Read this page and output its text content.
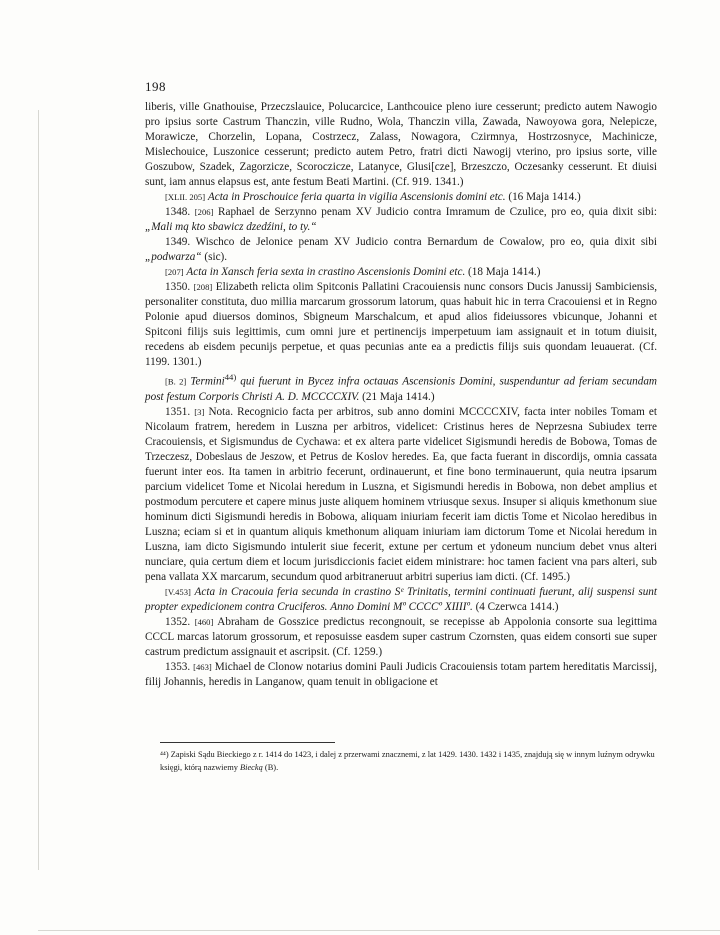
198

liberis, ville Gnathouise, Przeczslauice, Polucarcice, Lanthcouice pleno iure cesserunt; predicto autem Nawogio pro ipsius sorte Castrum Thanczin, ville Rudno, Wola, Thanczin villa, Zawada, Nawoyowa gora, Nelepicze, Morawicze, Chorzelin, Lopana, Costrzecz, Zalass, Nowagora, Czirmnya, Hostrzosnyce, Machinicze, Mislechouice, Luszonice cesserunt; predicto autem Petro, fratri dicti Nawogij vterino, pro ipsius sorte, ville Goszubow, Szadek, Zagorzicze, Scoroczicze, Latanyce, Glusi[cze], Brzeszczo, Oczesanky cesserunt. Et diuisi sunt, iam annus elapsus est, ante festum Beati Martini. (Cf. 919. 1341.)

[XLII. 205] Acta in Proschouice feria quarta in vigilia Ascensionis domini etc. (16 Maja 1414.)

1348. [206] Raphael de Serzynno penam XV Judicio contra Imramum de Czulice, pro eo, quia dixit sibi: „Mali mą kto sbawicz dzedźini, to ty.“

1349. Wischco de Jelonice penam XV Judicio contra Bernardum de Cowalow, pro eo, quia dixit sibi „podwarza“ (sic).

[207] Acta in Xansch feria sexta in crastino Ascensionis Domini etc. (18 Maja 1414.)

1350. [208] Elizabeth relicta olim Spitconis Pallatini Cracouiensis nunc consors Ducis Janussij Sambiciensis, personaliter constituta, duo millia marcarum grossorum latorum, quas habuit hic in terra Cracouiensi et in Regno Polonie apud diuersos dominos, Sbigneum Marschalcum, et apud alios fideiussores vbicunque, Johanni et Spitconi filijs suis legittimis, cum omni jure et pertinencijs imperpetuum iam assignauit et in totum diuisit, recedens ab eisdem pecunijs perpetue, et quas pecunias ante ea a predictis filijs suis quondam leuauerat. (Cf. 1199. 1301.)

[B. 2] Termini$^{44)}$ qui fuerunt in Bycez infra octauas Ascensionis Domini, suspenduntur ad feriam secundam post festum Corporis Christi A. D. MCCCCXIV. (21 Maja 1414.)

1351. [3] Nota. Recognicio facta per arbitros, sub anno domini MCCCCXIV, facta inter nobiles Tomam et Nicolaum fratrem, heredem in Luszna per arbitros, videlicet: Cristinus heres de Neprzesna Subiudex terre Cracouiensis, et Sigismundus de Cychawa: et ex altera parte videlicet Sigismundi heredis de Bobowa, Tomas de Trzeczesz, Dobeslaus de Jeszow, et Petrus de Koslov heredes. Ea, que facta fuerant in discordijs, omnia cassata fuerunt inter eos. Ita tamen in arbitrio fecerunt, ordinauerunt, et fine bono terminauerunt, quia neutra ipsarum parcium videlicet Tome et Nicolai heredum in Luszna, et Sigismundi heredis in Bobowa, non debet amplius et postmodum percutere et capere minus juste aliquem hominem vtriusque sexus. Insuper si aliquis kmethonum siue hominum dicti Sigismundi heredis in Bobowa, aliquam iniuriam fecerit iam dictis Tome et Nicolao heredibus in Luszna; eciam si et in quantum aliquis kmethonum aliquam iniuriam iam dictorum Tome et Nicolai heredum in Luszna, iam dicto Sigismundo intulerit siue fecerit, extune per certum et ydoneum nuncium debet vnus alteri nunciare, quia certum diem et locum jurisdiccionis faciet eidem ministrare: hoc tamen facient vna pars alteri, sub pena vallata XX marcarum, secundum quod arbitraneruut arbitri superius iam dicti. (Cf. 1495.)

[V.453] Acta in Cracouia feria secunda in crastino Sᵉ Trinitatis, termini continuati fuerunt, alij suspensi sunt propter expedicionem contra Cruciferos. Anno Domini Mº CCCCº XIIIIº. (4 Czerwca 1414.)

1352. [460] Abraham de Gosszice predictus recongnouit, se recepisse ab Appolonia consorte sua legittima CCCL marcas latorum grossorum, et reposuisse easdem super castrum Czornsten, quas eidem consorti sue super castrum predictum assignauit et ascripsit. (Cf. 1259.)

1353. [463] Michael de Clonow notarius domini Pauli Judicis Cracouiensis totam partem hereditatis Marcissij, filij Johannis, heredis in Langanow, quam tenuit in obligacione et

⁴⁴) Zapiski Sądu Bieckiego z r. 1414 do 1423, i dalej z przerwami znacznemi, z lat 1429. 1430. 1432 i 1435, znajdują się w innym luźnym odrywku księgi, którą nazwiemy Biecką (B).
